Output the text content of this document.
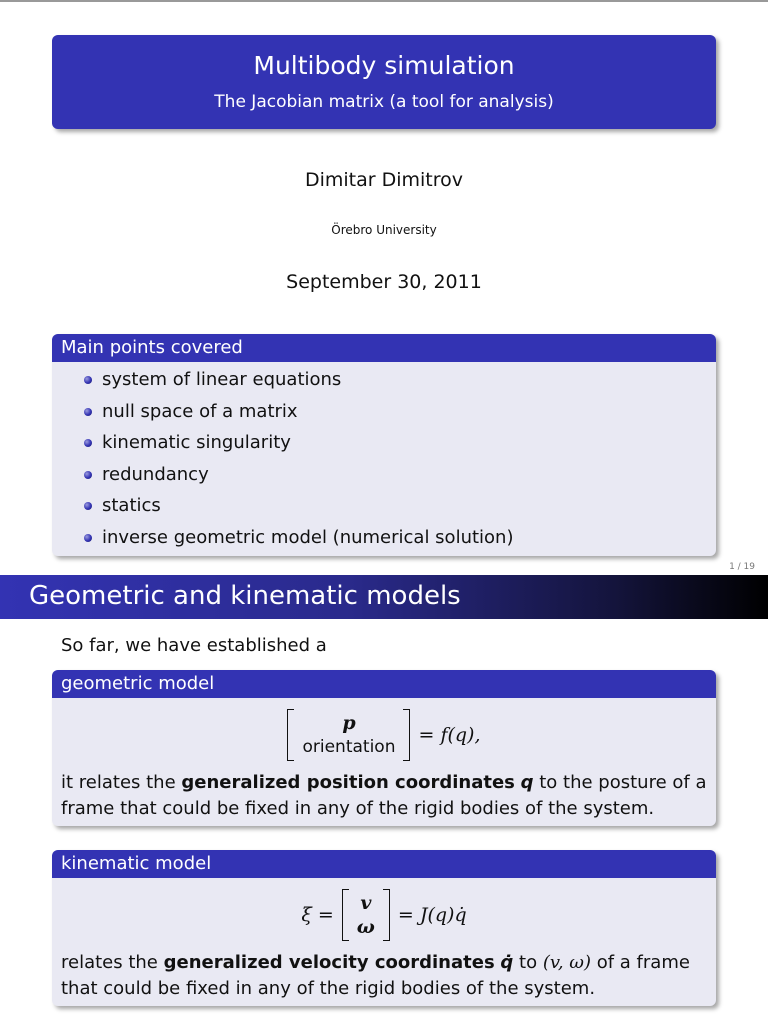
Multibody simulation
The Jacobian matrix (a tool for analysis)
Dimitar Dimitrov
Örebro University
September 30, 2011
Main points covered
system of linear equations
null space of a matrix
kinematic singularity
redundancy
statics
inverse geometric model (numerical solution)
1 / 19
Geometric and kinematic models
So far, we have established a
geometric model
p
orientation
= f(q),
it relates the generalized position coordinates q to the posture of a frame that could be fixed in any of the rigid bodies of the system.
kinematic model
ξ =
v
ω
= J(q)q̇
relates the generalized velocity coordinates q̇ to (v, ω) of a frame that could be fixed in any of the rigid bodies of the system.
